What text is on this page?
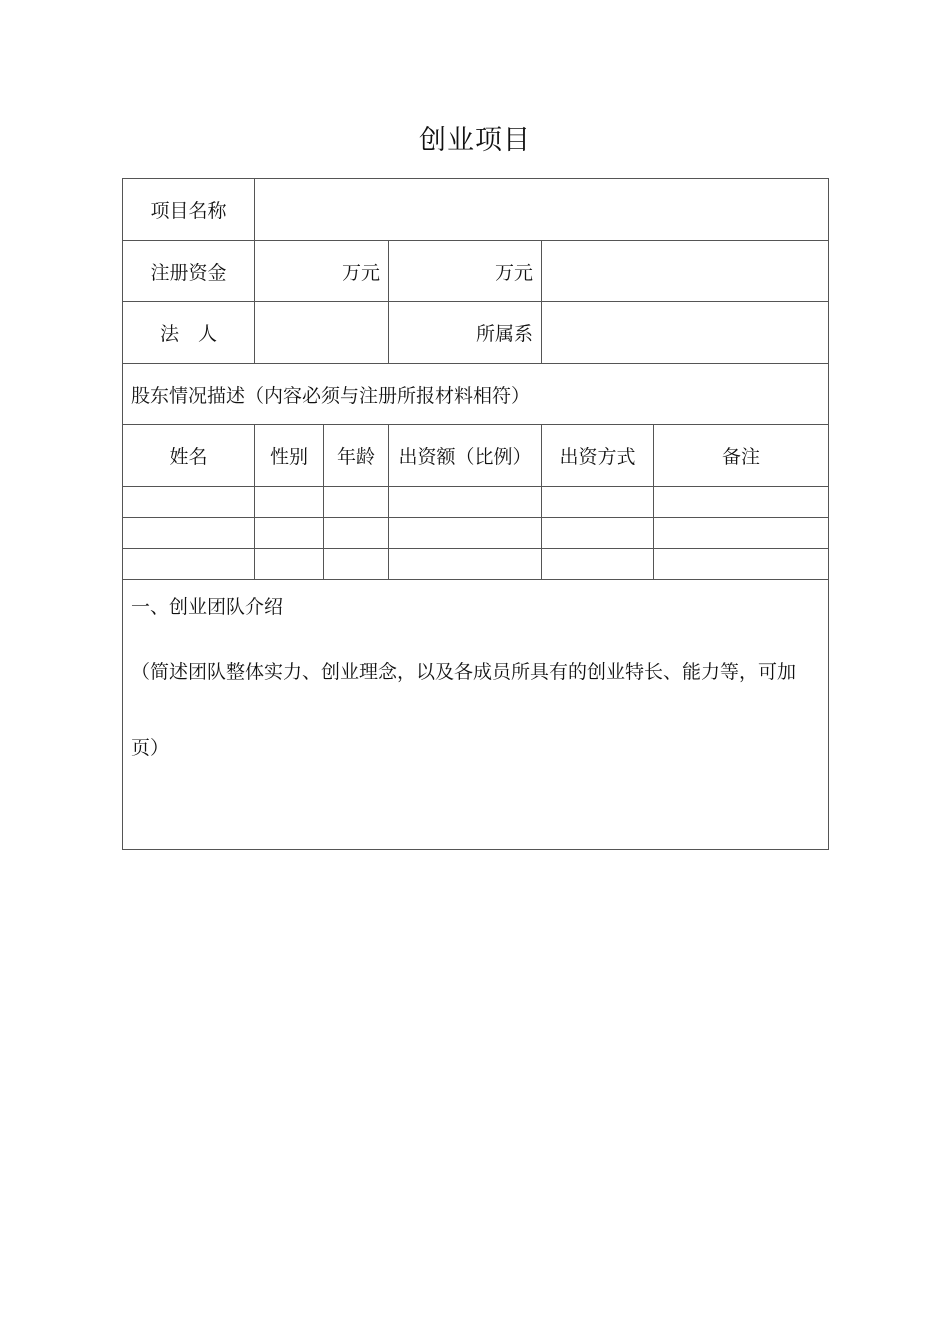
创业项目
项目名称					
注册资金	万元		万元		
法　人			所属系		
股东情况描述（内容必须与注册所报材料相符）					
姓名	性别	年龄	出资额（比例）	出资方式	备注

一、创业团队介绍
（简述团队整体实力、创业理念，以及各成员所具有的创业特长、能力等，可加页）					
